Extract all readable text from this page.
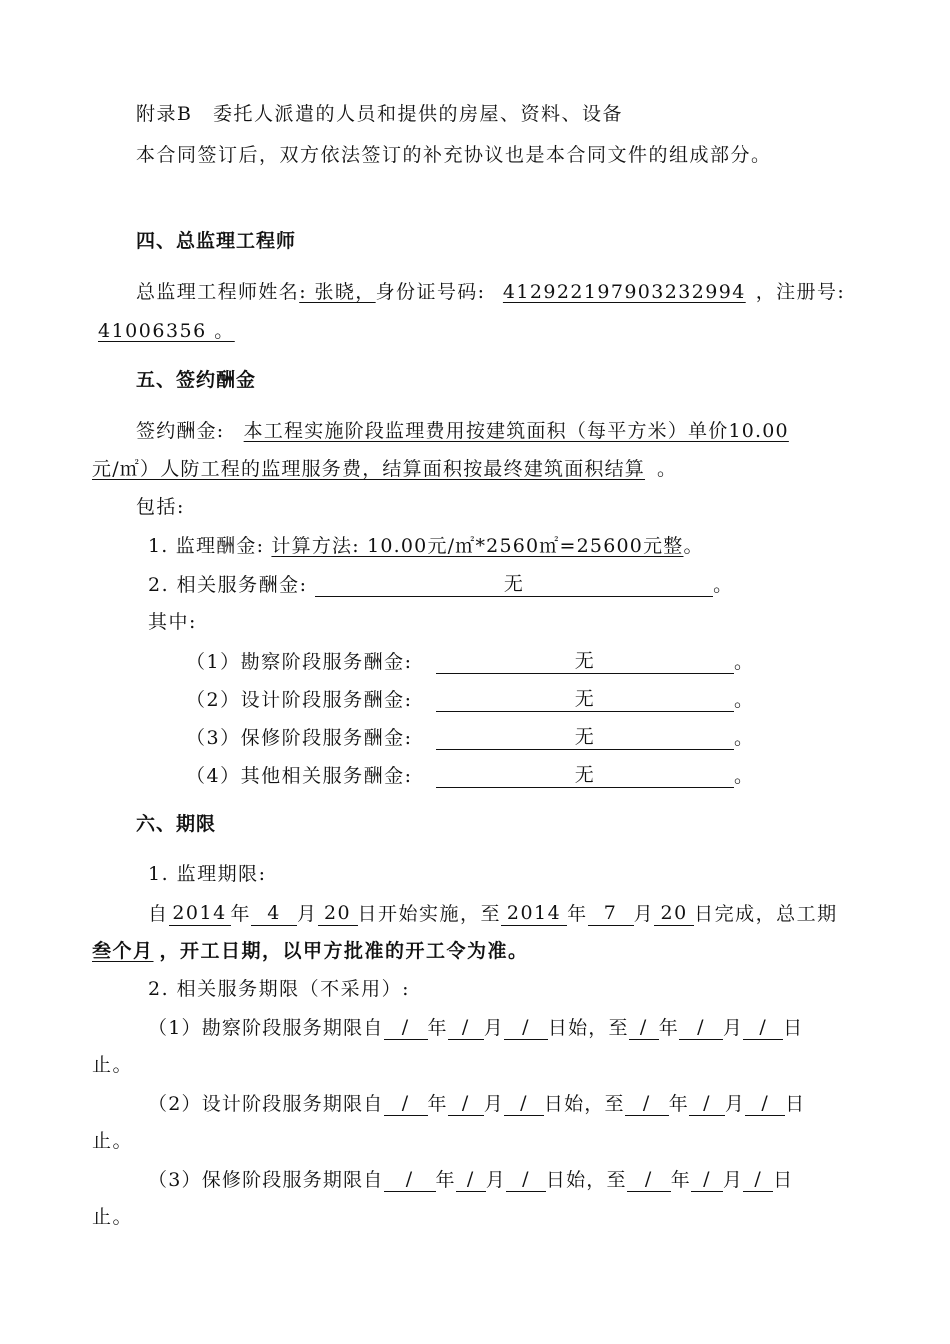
附录B　委托人派遣的人员和提供的房屋、资料、设备
本合同签订后，双方依法签订的补充协议也是本合同文件的组成部分。
四、总监理工程师
总监理工程师姓名: 张晓，身份证号码: 412922197903232994 ，注册号:
41006356 。
五、签约酬金
签约酬金: 本工程实施阶段监理费用按建筑面积（每平方米）单价10.00
元/㎡）人防工程的监理服务费，结算面积按最终建筑面积结算 。
包括:
1. 监理酬金: 计算方法: 10.00元/㎡*2560㎡=25600元整。
2. 相关服务酬金:	无	。
其中:
（1）勘察阶段服务酬金:	无	。
（2）设计阶段服务酬金:	无	。
（3）保修阶段服务酬金:	无	。
（4）其他相关服务酬金:	无	。
六、期限
1. 监理期限:
自 2014 年 4 月 20 日开始实施，至 2014 年 7 月 20 日完成，总工期
叁个月 ，开工日期，以甲方批准的开工令为准。
2. 相关服务期限（不采用）:
（1）勘察阶段服务期限自 / 年 / 月 / 日始，至 / 年 / 月 / 日
止。
（2）设计阶段服务期限自 / 年 / 月 / 日始，至 / 年 / 月 / 日
止。
（3）保修阶段服务期限自 / 年 / 月 / 日始，至 / 年 / 月 / 日
止。
